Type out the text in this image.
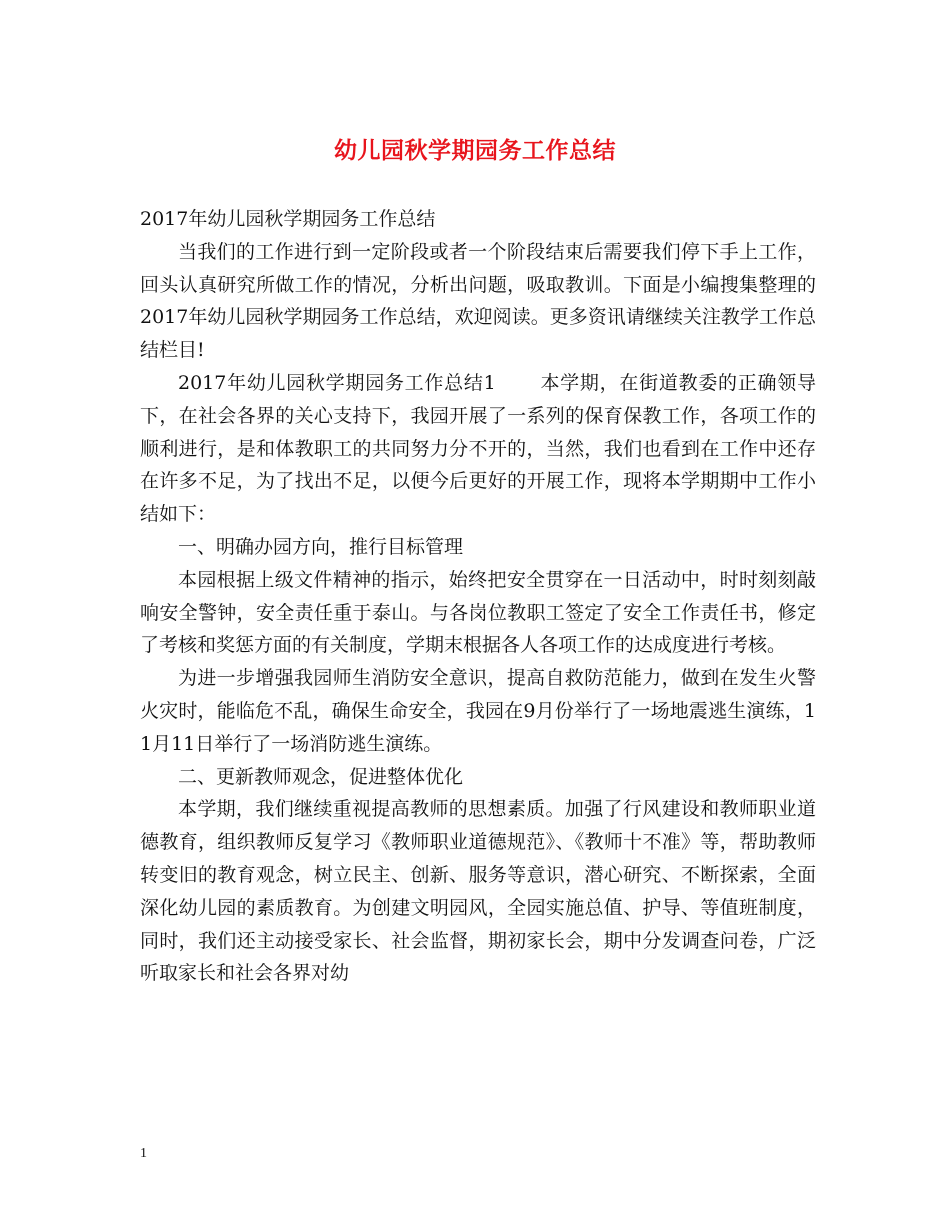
幼儿园秋学期园务工作总结

2017年幼儿园秋学期园务工作总结

当我们的工作进行到一定阶段或者一个阶段结束后需要我们停下手上工作，回头认真研究所做工作的情况，分析出问题，吸取教训。下面是小编搜集整理的2017年幼儿园秋学期园务工作总结，欢迎阅读。更多资讯请继续关注教学工作总结栏目!

2017年幼儿园秋学期园务工作总结1 本学期，在街道教委的正确领导下，在社会各界的关心支持下，我园开展了一系列的保育保教工作，各项工作的顺利进行，是和体教职工的共同努力分不开的，当然，我们也看到在工作中还存在许多不足，为了找出不足，以便今后更好的开展工作，现将本学期期中工作小结如下：

一、明确办园方向，推行目标管理

本园根据上级文件精神的指示，始终把安全贯穿在一日活动中，时时刻刻敲响安全警钟，安全责任重于泰山。与各岗位教职工签定了安全工作责任书，修定了考核和奖惩方面的有关制度，学期末根据各人各项工作的达成度进行考核。

为进一步增强我园师生消防安全意识，提高自救防范能力，做到在发生火警火灾时，能临危不乱，确保生命安全，我园在9月份举行了一场地震逃生演练，11月11日举行了一场消防逃生演练。

二、更新教师观念，促进整体优化

本学期，我们继续重视提高教师的思想素质。加强了行风建设和教师职业道德教育，组织教师反复学习《教师职业道德规范》、《教师十不准》等，帮助教师转变旧的教育观念，树立民主、创新、服务等意识，潜心研究、不断探索，全面深化幼儿园的素质教育。为创建文明园风，全园实施总值、护导、等值班制度，同时，我们还主动接受家长、社会监督，期初家长会，期中分发调查问卷，广泛听取家长和社会各界对幼

1
